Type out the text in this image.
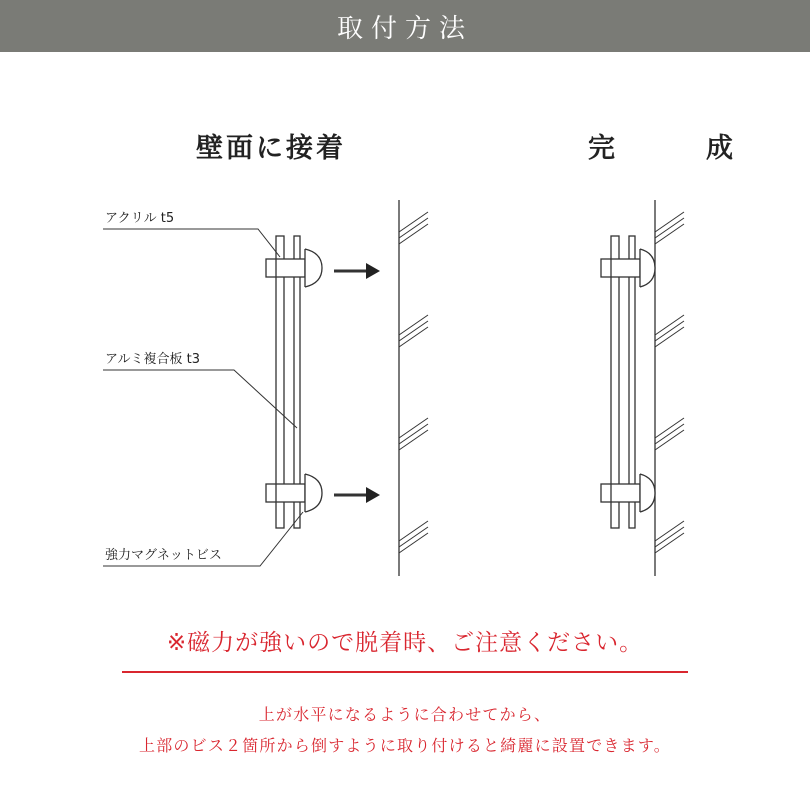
取付方法
壁面に接着	完　成
アクリル t5
アルミ複合板 t3
強力マグネットビス
※磁力が強いので脱着時、ご注意ください。
上が水平になるように合わせてから、
上部のビス２箇所から倒すように取り付けると綺麗に設置できます。
